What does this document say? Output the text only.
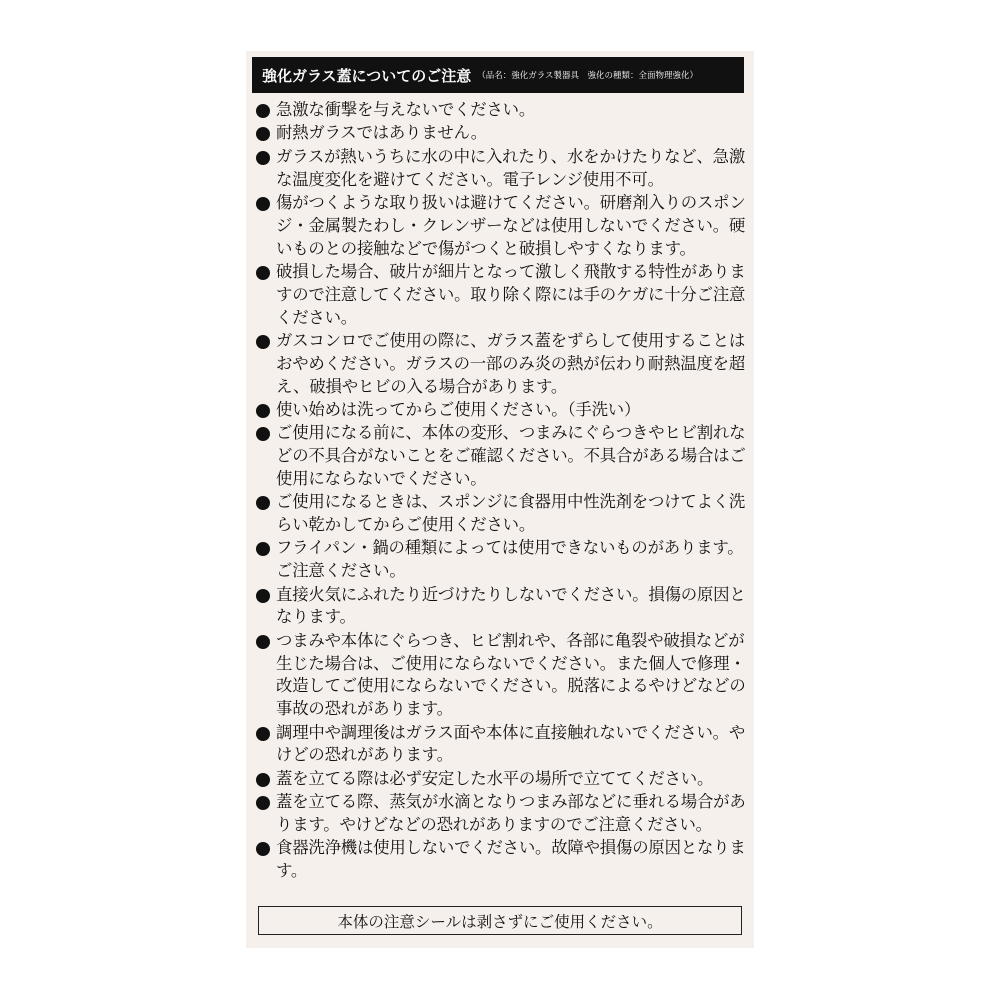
強化ガラス蓋についてのご注意 （品名：強化ガラス製器具　強化の種類：全面物理強化）
急激な衝撃を与えないでください。
耐熱ガラスではありません。
ガラスが熱いうちに水の中に入れたり、水をかけたりなど、急激な温度変化を避けてください。電子レンジ使用不可。
傷がつくような取り扱いは避けてください。研磨剤入りのスポンジ・金属製たわし・クレンザーなどは使用しないでください。硬いものとの接触などで傷がつくと破損しやすくなります。
破損した場合、破片が細片となって激しく飛散する特性がありますので注意してください。取り除く際には手のケガに十分ご注意ください。
ガスコンロでご使用の際に、ガラス蓋をずらして使用することはおやめください。ガラスの一部のみ炎の熱が伝わり耐熱温度を超え、破損やヒビの入る場合があります。
使い始めは洗ってからご使用ください。（手洗い）
ご使用になる前に、本体の変形、つまみにぐらつきやヒビ割れなどの不具合がないことをご確認ください。不具合がある場合はご使用にならないでください。
ご使用になるときは、スポンジに食器用中性洗剤をつけてよく洗らい乾かしてからご使用ください。
フライパン・鍋の種類によっては使用できないものがあります。ご注意ください。
直接火気にふれたり近づけたりしないでください。損傷の原因となります。
つまみや本体にぐらつき、ヒビ割れや、各部に亀裂や破損などが生じた場合は、ご使用にならないでください。また個人で修理・改造してご使用にならないでください。脱落によるやけどなどの事故の恐れがあります。
調理中や調理後はガラス面や本体に直接触れないでください。やけどの恐れがあります。
蓋を立てる際は必ず安定した水平の場所で立ててください。
蓋を立てる際、蒸気が水滴となりつまみ部などに垂れる場合があります。やけどなどの恐れがありますのでご注意ください。
食器洗浄機は使用しないでください。故障や損傷の原因となります。
本体の注意シールは剥さずにご使用ください。
